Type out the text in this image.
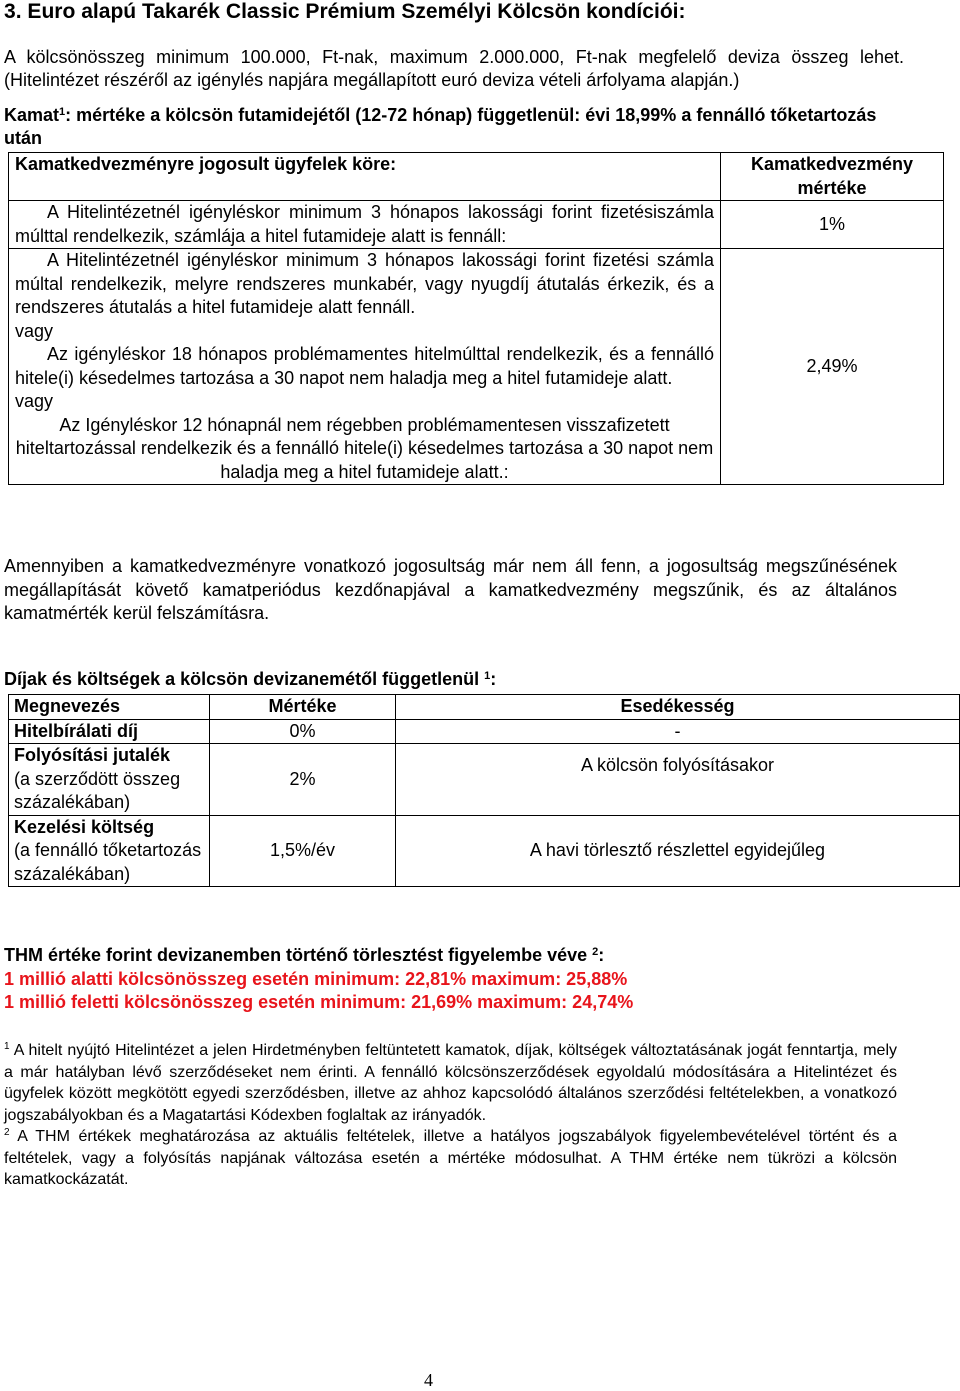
3. Euro alapú Takarék Classic Prémium Személyi Kölcsön kondíciói:
A kölcsönösszeg minimum 100.000, Ft-nak, maximum 2.000.000, Ft-nak megfelelő deviza összeg lehet. (Hitelintézet részéről az igénylés napjára megállapított euró deviza vételi árfolyama alapján.)
Kamat$^1$: mértéke a kölcsön futamidejétől (12-72 hónap) függetlenül: évi 18,99% a fennálló tőketartozás után
Kamatkedvezményre jogosult ügyfelek köre:	Kamatkedvezmény mértéke
A Hitelintézetnél igényléskor minimum 3 hónapos lakossági forint fizetésiszámla múlttal rendelkezik, számlája a hitel futamideje alatt is fennáll:	1%

A Hitelintézetnél igényléskor minimum 3 hónapos lakossági forint fizetési számla múltal rendelkezik, melyre rendszeres munkabér, vagy nyugdíj átutalás érkezik, és a rendszeres átutalás a hitel futamideje alatt fennáll.
vagy
Az igényléskor 18 hónapos problémamentes hitelmúlttal rendelkezik, és a fennálló hitele(i) késedelmes tartozása a 30 napot nem haladja meg a hitel futamideje alatt.
vagy
Az Igényléskor 12 hónapnál nem régebben problémamentesen visszafizetett hiteltartozással rendelkezik és a fennálló hitele(i) késedelmes tartozása a 30 napot nem haladja meg a hitel futamideje alatt.:	2,49%
Amennyiben a kamatkedvezményre vonatkozó jogosultság már nem áll fenn, a jogosultság megszűnésének megállapítását követő kamatperiódus kezdőnapjával a kamatkedvezmény megszűnik, és az általános kamatmérték kerül felszámításra.
Díjak és költségek a kölcsön devizanemétől függetlenül $^1$:
Megnevezés	Mértéke	Esedékesség
Hitelbírálati díj	0%	-
Folyósítási jutalék
(a szerződött összeg százalékában)	2%	A kölcsön folyósításakor
Kezelési költség
(a fennálló tőketartozás százalékában)	1,5%/év	A havi törlesztő részlettel egyidejűleg
THM értéke forint devizanemben történő törlesztést figyelembe véve $^2$:
1 millió alatti kölcsönösszeg esetén minimum: 22,81% maximum: 25,88%
1 millió feletti kölcsönösszeg esetén minimum: 21,69% maximum: 24,74%

$^1$ A hitelt nyújtó Hitelintézet a jelen Hirdetményben feltüntetett kamatok, díjak, költségek változtatásának jogát fenntartja, mely a már hatályban lévő szerződéseket nem érinti. A fennálló kölcsönszerződések egyoldalú módosítására a Hitelintézet és ügyfelek között megkötött egyedi szerződésben, illetve az ahhoz kapcsolódó általános szerződési feltételekben, a vonatkozó jogszabályokban és a Magatartási Kódexben foglaltak az irányadók.

$^2$ A THM értékek meghatározása az aktuális feltételek, illetve a hatályos jogszabályok figyelembevételével történt és a feltételek, vagy a folyósítás napjának változása esetén a mértéke módosulhat. A THM értéke nem tükrözi a kölcsön kamatkockázatát.

4
